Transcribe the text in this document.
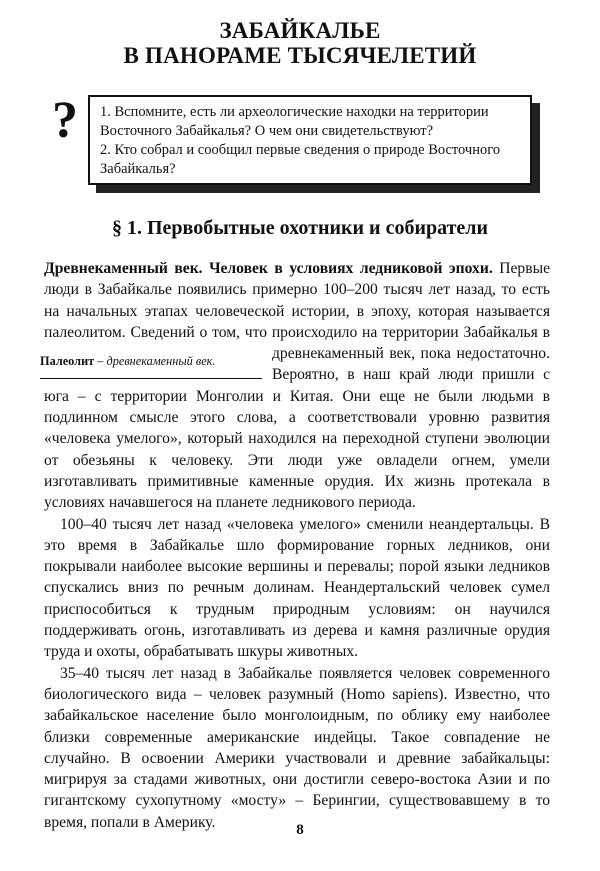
ЗАБАЙКАЛЬЕ
В ПАНОРАМЕ ТЫСЯЧЕЛЕТИЙ
? 1. Вспомните, есть ли археологические находки на территории Восточного Забайкалья? О чем они свидетельствуют?
2. Кто собрал и сообщил первые сведения о природе Восточного Забайкалья?
§ 1. Первобытные охотники и собиратели

Древнекаменный век. Человек в условиях ледниковой эпохи. Первые люди в Забайкалье появились примерно 100–200 тысяч лет назад, то есть на начальных этапах человеческой истории, в эпоху, которая называется палеолитом. Сведений о том, что происходило на территории Забайкалья в древнекаменный век, пока недостаточно.
Палеолит – древнекаменный век.
Вероятно, в наш край люди пришли с юга – с территории Монголии и Китая. Они еще не были людьми в подлинном смысле этого слова, а соответствовали уровню развития «человека умелого», который находился на переходной ступени эволюции от обезьяны к человеку. Эти люди уже овладели огнем, умели изготавливать примитивные каменные орудия. Их жизнь протекала в условиях начавшегося на планете ледникового периода.

100–40 тысяч лет назад «человека умелого» сменили неандертальцы. В это время в Забайкалье шло формирование горных ледников, они покрывали наиболее высокие вершины и перевалы; порой языки ледников спускались вниз по речным долинам. Неандертальский человек сумел приспособиться к трудным природным условиям: он научился поддерживать огонь, изготавливать из дерева и камня различные орудия труда и охоты, обрабатывать шкуры животных.

35–40 тысяч лет назад в Забайкалье появляется человек современного биологического вида – человек разумный (Homo sapiens). Известно, что забайкальское население было монголоидным, по облику ему наиболее близки современные американские индейцы. Такое совпадение не случайно. В освоении Америки участвовали и древние забайкальцы: мигрируя за стадами животных, они достигли северо-востока Азии и по гигантскому сухопутному «мосту» – Берингии, существовавшему в то время, попали в Америку.	8
